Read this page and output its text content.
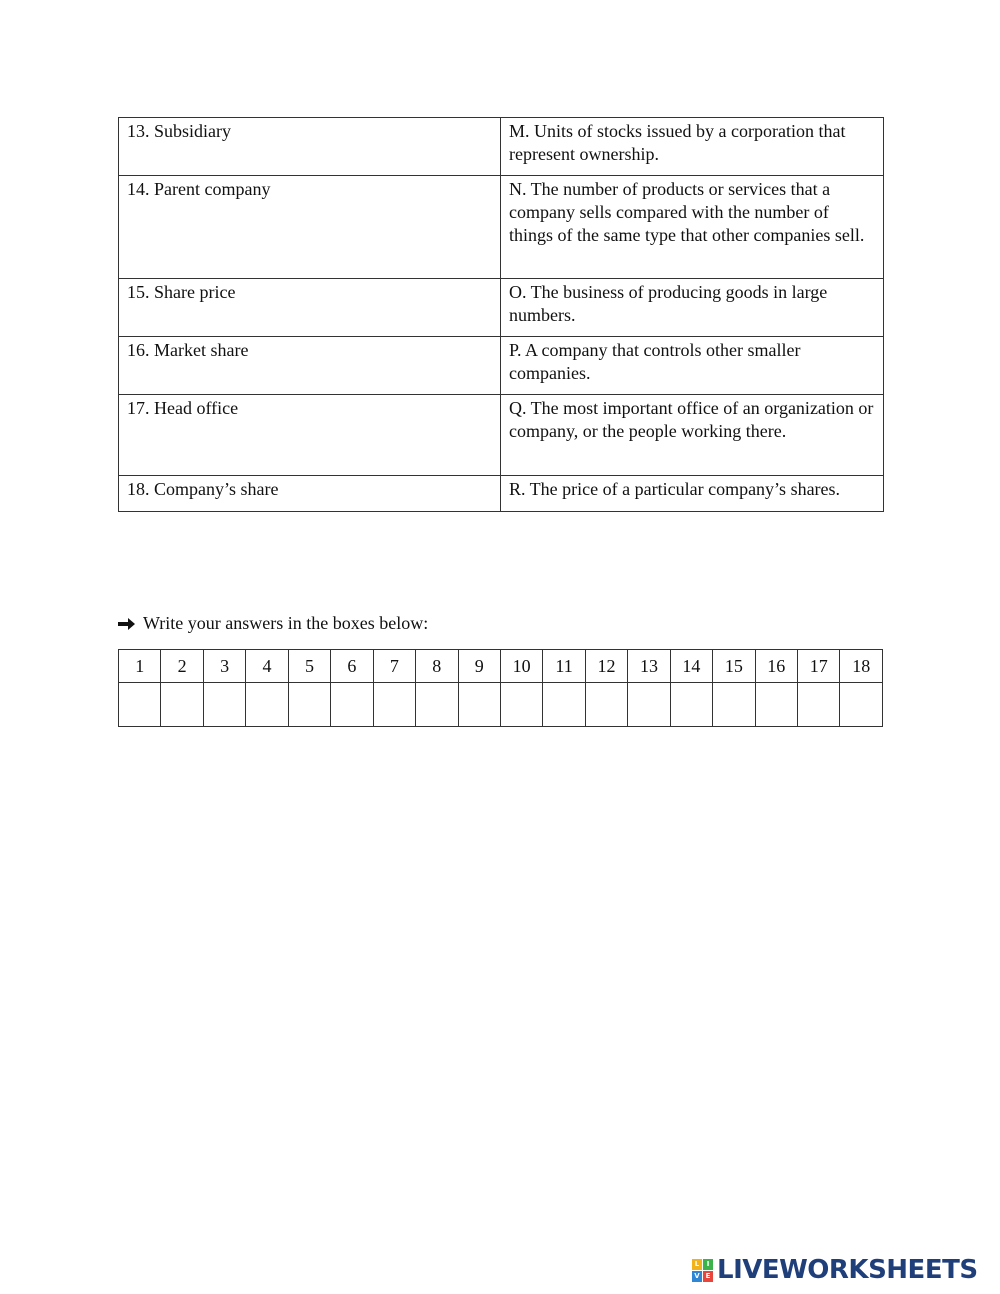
13. Subsidiary	M. Units of stocks issued by a corporation that represent ownership.
14. Parent company	N. The number of products or services that a company sells compared with the number of things of the same type that other companies sell.
15. Share price	O. The business of producing goods in large numbers.
16. Market share	P. A company that controls other smaller companies.
17. Head office	Q. The most important office of an organization or company, or the people working there.
18. Company’s share	R. The price of a particular company’s shares.
Write your answers in the boxes below:
1	2	3	4	5	6	7	8	9	10	11	12	13	14	15	16	17	18

L	I
V E LIVEWORKSHEETS
